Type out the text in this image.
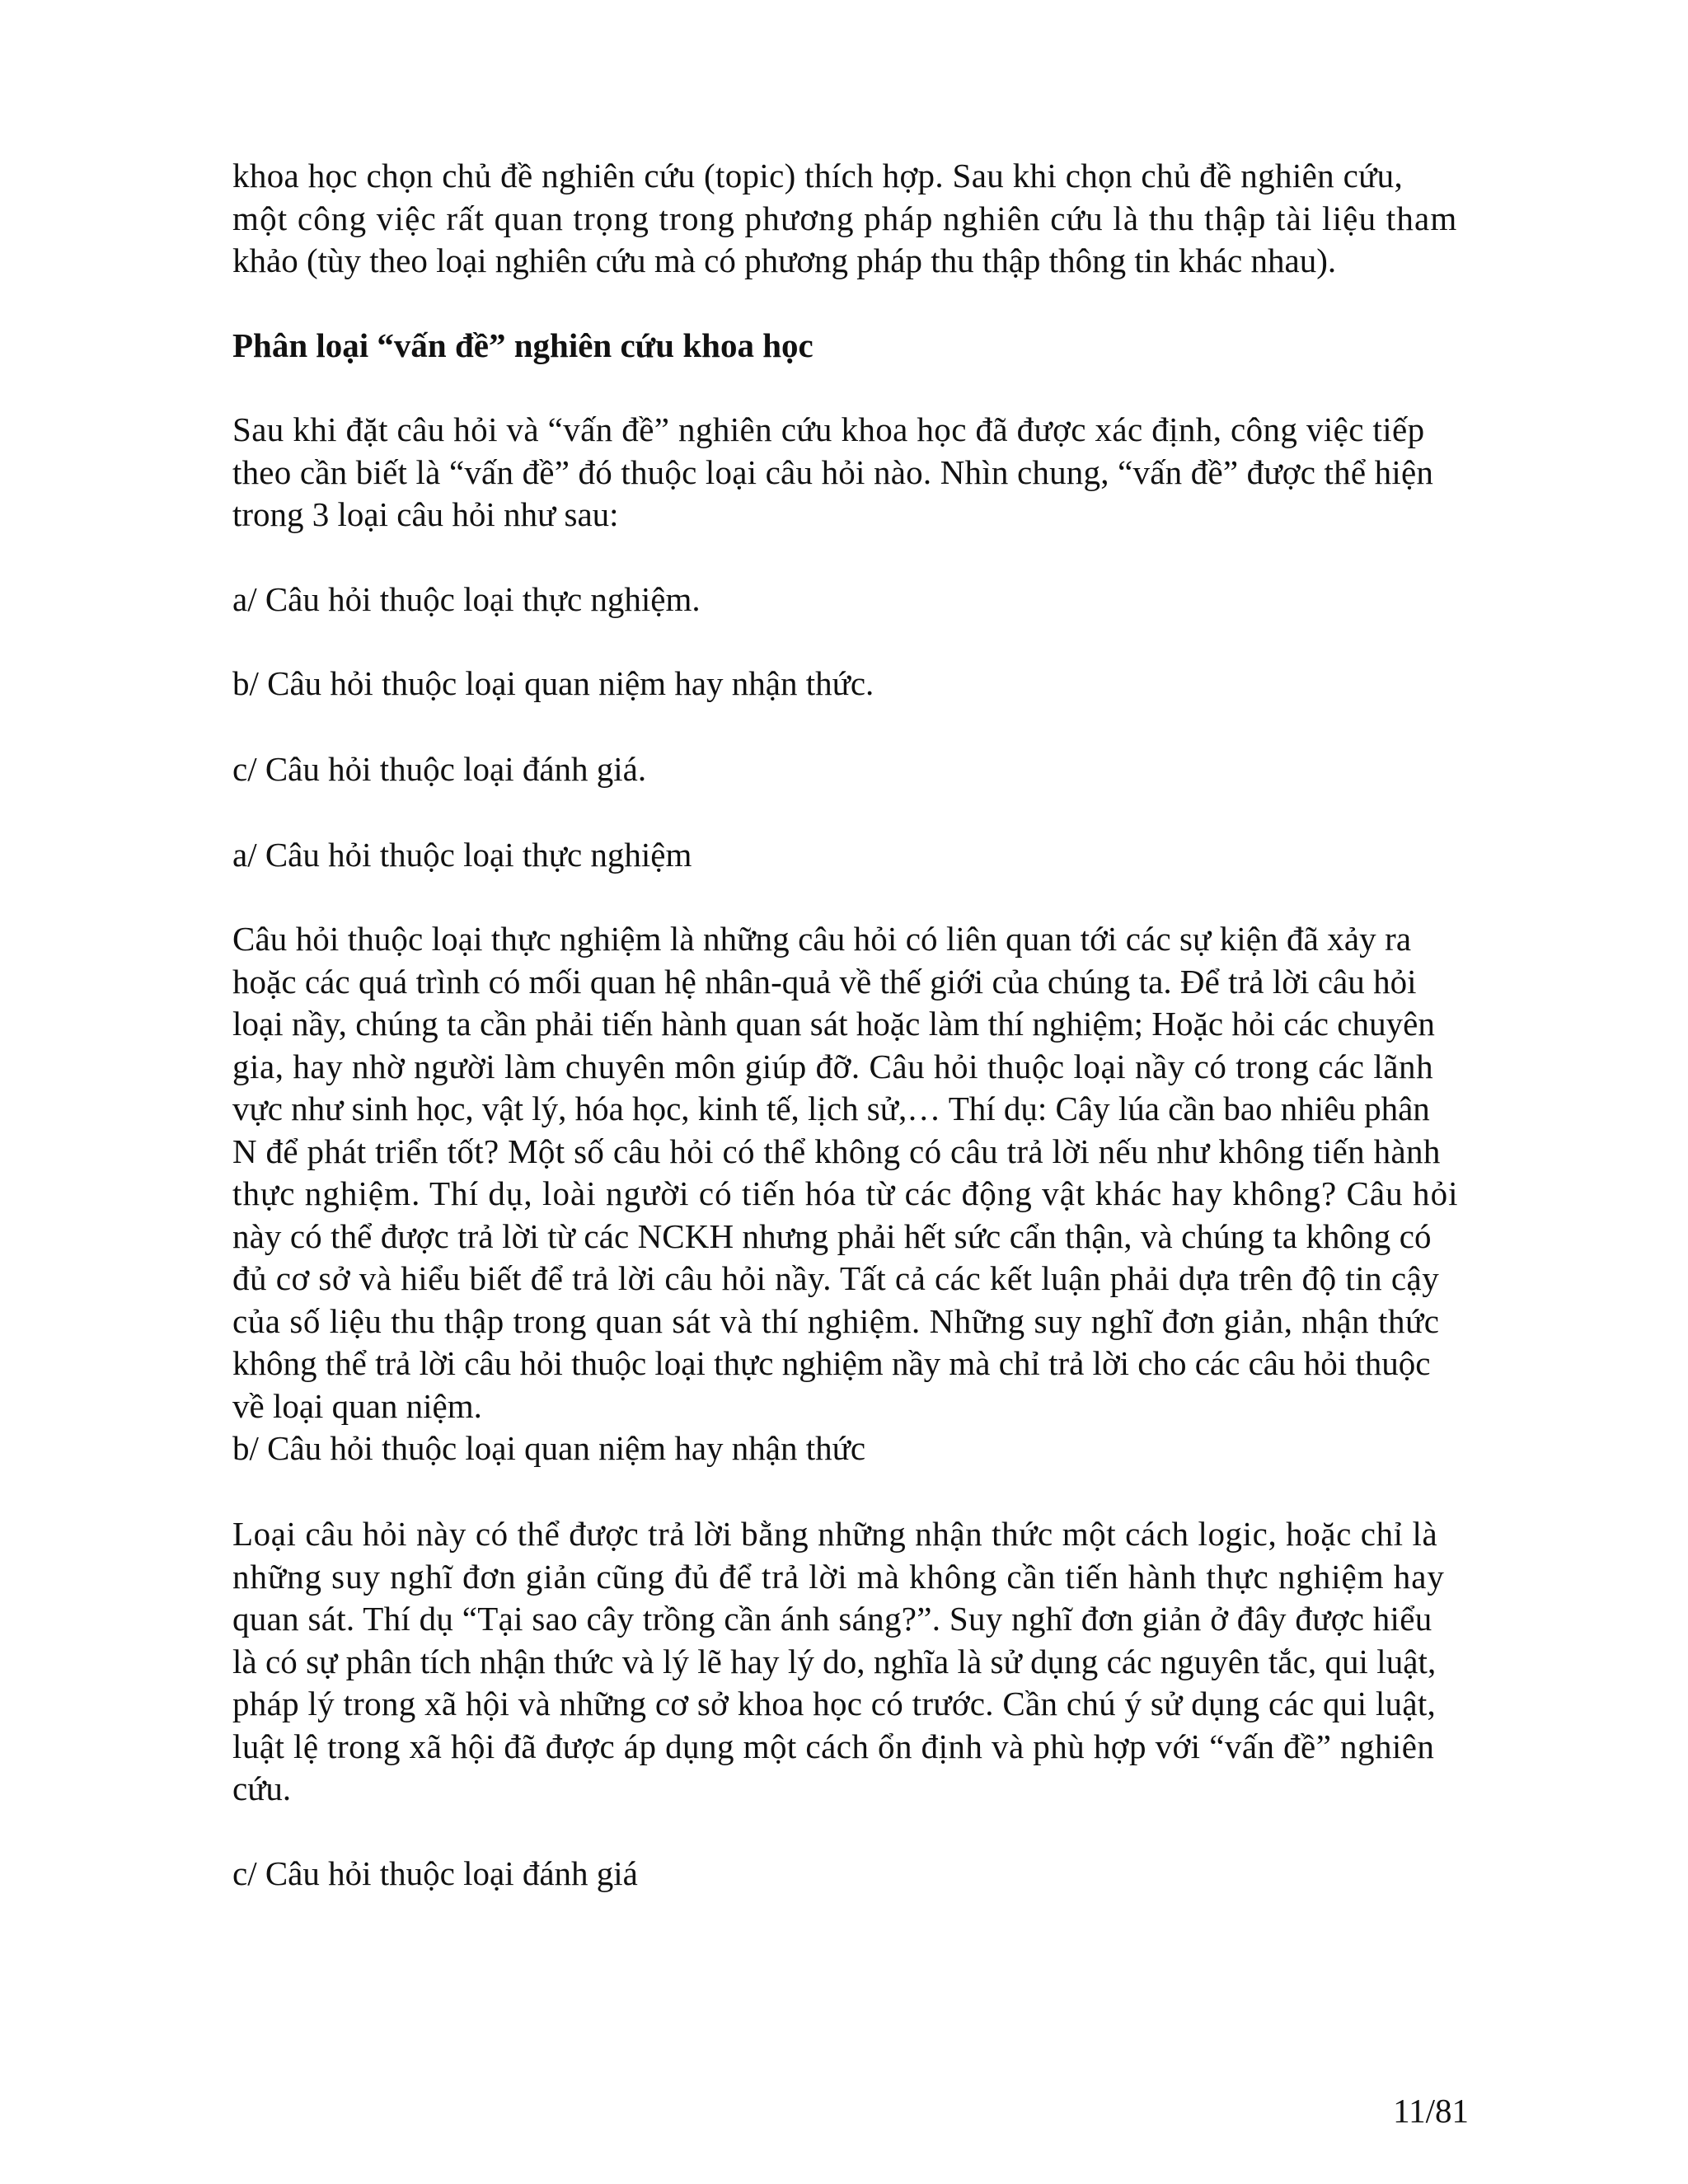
khoa học chọn chủ đề nghiên cứu (topic) thích hợp. Sau khi chọn chủ đề nghiên cứu,
một công việc rất quan trọng trong phương pháp nghiên cứu là thu thập tài liệu tham
khảo (tùy theo loại nghiên cứu mà có phương pháp thu thập thông tin khác nhau).

Phân loại “vấn đề” nghiên cứu khoa học

Sau khi đặt câu hỏi và “vấn đề” nghiên cứu khoa học đã được xác định, công việc tiếp
theo cần biết là “vấn đề” đó thuộc loại câu hỏi nào. Nhìn chung, “vấn đề” được thể hiện
trong 3 loại câu hỏi như sau:

a/ Câu hỏi thuộc loại thực nghiệm.

b/ Câu hỏi thuộc loại quan niệm hay nhận thức.

c/ Câu hỏi thuộc loại đánh giá.

a/ Câu hỏi thuộc loại thực nghiệm

Câu hỏi thuộc loại thực nghiệm là những câu hỏi có liên quan tới các sự kiện đã xảy ra
hoặc các quá trình có mối quan hệ nhân-quả về thế giới của chúng ta. Để trả lời câu hỏi
loại nầy, chúng ta cần phải tiến hành quan sát hoặc làm thí nghiệm; Hoặc hỏi các chuyên
gia, hay nhờ người làm chuyên môn giúp đỡ. Câu hỏi thuộc loại nầy có trong các lãnh
vực như sinh học, vật lý, hóa học, kinh tế, lịch sử,… Thí dụ: Cây lúa cần bao nhiêu phân
N để phát triển tốt? Một số câu hỏi có thể không có câu trả lời nếu như không tiến hành
thực nghiệm. Thí dụ, loài người có tiến hóa từ các động vật khác hay không? Câu hỏi
này có thể được trả lời từ các NCKH nhưng phải hết sức cẩn thận, và chúng ta không có
đủ cơ sở và hiểu biết để trả lời câu hỏi nầy. Tất cả các kết luận phải dựa trên độ tin cậy
của số liệu thu thập trong quan sát và thí nghiệm. Những suy nghĩ đơn giản, nhận thức
không thể trả lời câu hỏi thuộc loại thực nghiệm nầy mà chỉ trả lời cho các câu hỏi thuộc
về loại quan niệm.

b/ Câu hỏi thuộc loại quan niệm hay nhận thức

Loại câu hỏi này có thể được trả lời bằng những nhận thức một cách logic, hoặc chỉ là
những suy nghĩ đơn giản cũng đủ để trả lời mà không cần tiến hành thực nghiệm hay
quan sát. Thí dụ “Tại sao cây trồng cần ánh sáng?”. Suy nghĩ đơn giản ở đây được hiểu
là có sự phân tích nhận thức và lý lẽ hay lý do, nghĩa là sử dụng các nguyên tắc, qui luật,
pháp lý trong xã hội và những cơ sở khoa học có trước. Cần chú ý sử dụng các qui luật,
luật lệ trong xã hội đã được áp dụng một cách ổn định và phù hợp với “vấn đề” nghiên
cứu.

c/ Câu hỏi thuộc loại đánh giá

11/81
